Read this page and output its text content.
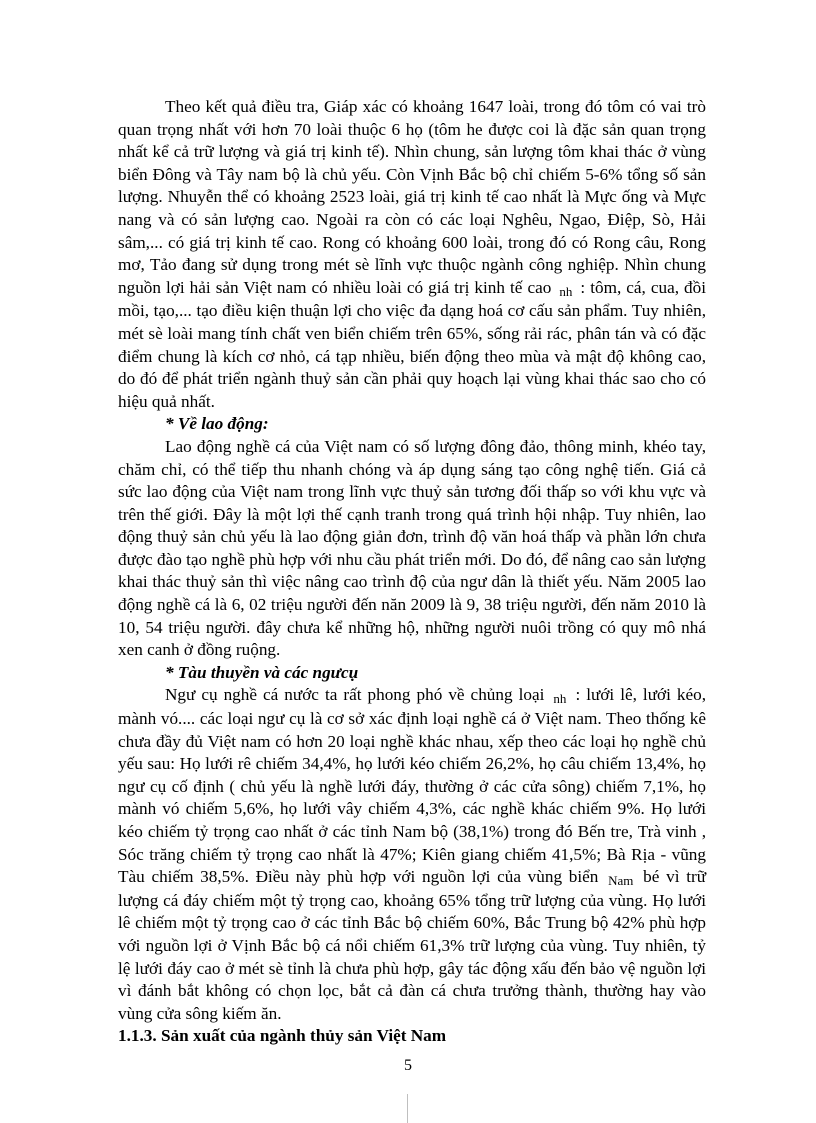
Theo kết quả điều tra, Giáp xác có khoảng 1647 loài, trong đó tôm có vai trò quan trọng nhất với hơn 70 loài thuộc 6 họ (tôm he được coi là đặc sản quan trọng nhất kể cả trữ lượng và giá trị kinh tế). Nhìn chung, sản lượng tôm khai thác ở vùng biển Đông và Tây nam bộ là chủ yếu. Còn Vịnh Bắc bộ chỉ chiếm 5-6% tổng số sản lượng. Nhuyễn thể có khoảng 2523 loài, giá trị kinh tế cao nhất là Mực ống và Mực nang và có sản lượng cao. Ngoài ra còn có các loại Nghêu, Ngao, Điệp, Sò, Hải sâm,... có giá trị kinh tế cao. Rong có khoảng 600 loài, trong đó có Rong câu, Rong mơ, Tảo đang sử dụng trong mét sè lĩnh vực thuộc ngành công nghiệp. Nhìn chung nguồn lợi hải sản Việt nam có nhiều loài có giá trị kinh tế cao nh : tôm, cá, cua, đồi mồi, tạo,... tạo điều kiện thuận lợi cho việc đa dạng hoá cơ cấu sản phẩm. Tuy nhiên, mét sè loài mang tính chất ven biển chiếm trên 65%, sống rải rác, phân tán và có đặc điểm chung là kích cơ nhỏ, cá tạp nhiều, biến động theo mùa và mật độ không cao, do đó để phát triển ngành thuỷ sản cần phải quy hoạch lại vùng khai thác sao cho có hiệu quả nhất.

* Về lao động:

Lao động nghề cá của Việt nam có số lượng đông đảo, thông minh, khéo tay, chăm chỉ, có thể tiếp thu nhanh chóng và áp dụng sáng tạo công nghệ tiến. Giá cả sức lao động của Việt nam trong lĩnh vực thuỷ sản tương đối thấp so với khu vực và trên thế giới. Đây là một lợi thế cạnh tranh trong quá trình hội nhập. Tuy nhiên, lao động thuỷ sản chủ yếu là lao động giản đơn, trình độ văn hoá thấp và phần lớn chưa được đào tạo nghề phù hợp với nhu cầu phát triển mới. Do đó, để nâng cao sản lượng khai thác thuỷ sản thì việc nâng cao trình độ của ngư dân là thiết yếu. Năm 2005 lao động nghề cá là 6, 02 triệu người đến năn 2009 là 9, 38 triệu người, đến năm 2010 là 10, 54 triệu người. đây chưa kể những hộ, những người nuôi trồng có quy mô nhá xen canh ở đồng ruộng.

* Tàu thuyền và các ngưcụ

Ngư cụ nghề cá nước ta rất phong phó về chủng loại nh : lưới lê, lưới kéo, mành vó.... các loại ngư cụ là cơ sở xác định loại nghề cá ở Việt nam. Theo thống kê chưa đầy đủ Việt nam có hơn 20 loại nghề khác nhau, xếp theo các loại họ nghề chủ yếu sau: Họ lưới rê chiếm 34,4%, họ lưới kéo chiếm 26,2%, họ câu chiếm 13,4%, họ ngư cụ cố định ( chủ yếu là nghề lưới đáy, thường ở các cửa sông) chiếm 7,1%, họ mành vó chiếm 5,6%, họ lưới vây chiếm 4,3%, các nghề khác chiếm 9%. Họ lưới kéo chiếm tỷ trọng cao nhất ở các tỉnh Nam bộ (38,1%) trong đó Bến tre, Trà vinh , Sóc trăng chiếm tỷ trọng cao nhất là 47%; Kiên giang chiếm 41,5%; Bà Rịa - vũng Tàu chiếm 38,5%. Điều này phù hợp với nguồn lợi của vùng biển Nam bé vì trữ lượng cá đáy chiếm một tỷ trọng cao, khoảng 65% tổng trữ lượng của vùng. Họ lưới lê chiếm một tỷ trọng cao ở các tỉnh Bắc bộ chiếm 60%, Bắc Trung bộ 42% phù hợp với nguồn lợi ở Vịnh Bắc bộ cá nổi chiếm 61,3% trữ lượng của vùng. Tuy nhiên, tỷ lệ lưới đáy cao ở mét sè tỉnh là chưa phù hợp, gây tác động xấu đến bảo vệ nguồn lợi vì đánh bắt không có chọn lọc, bắt cả đàn cá chưa trưởng thành, thường hay vào vùng cửa sông kiếm ăn.

1.1.3. Sản xuất của ngành thủy sản Việt Nam
5
